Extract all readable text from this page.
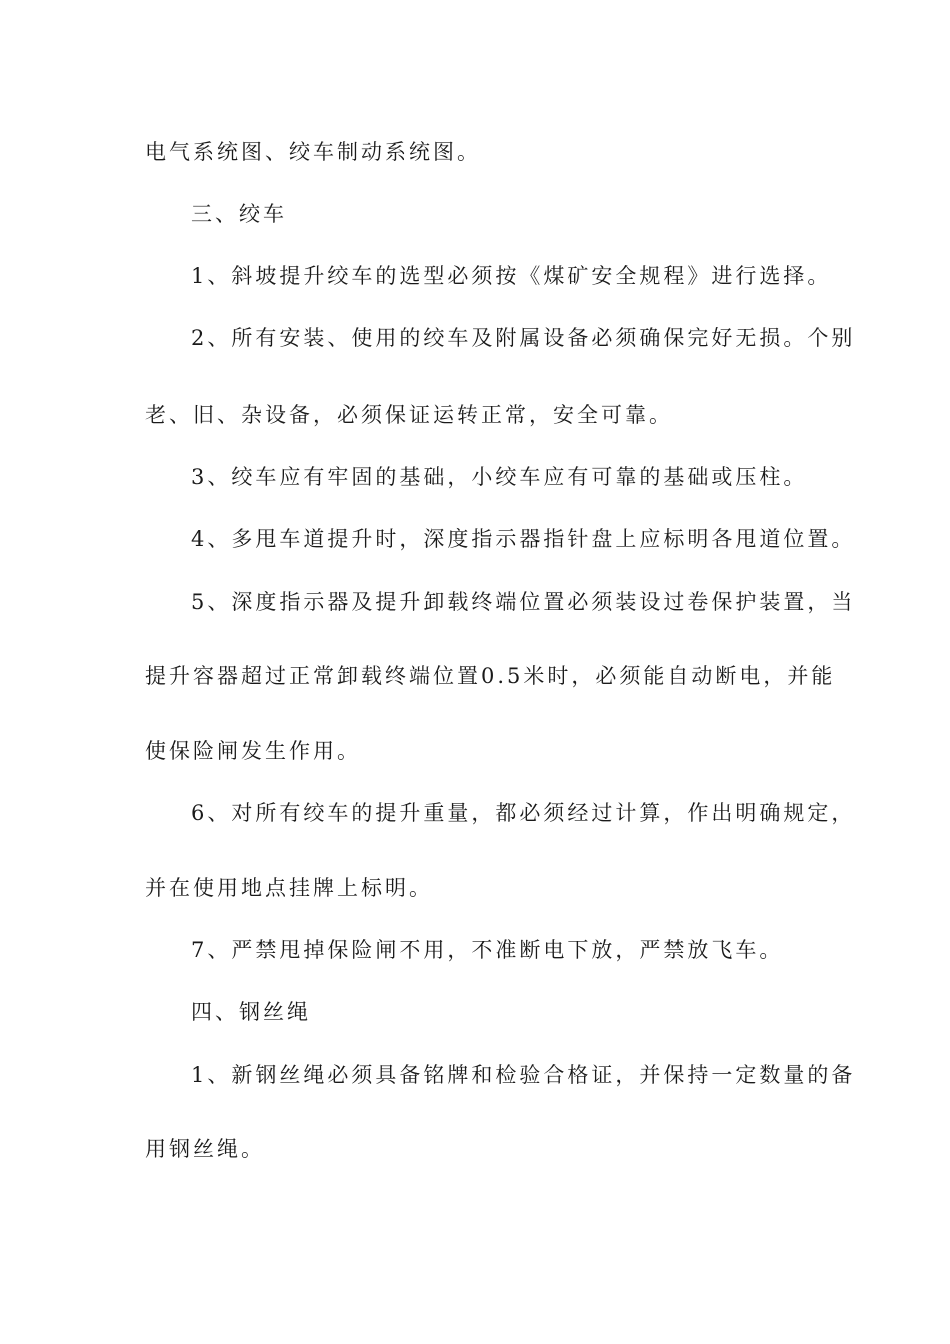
电气系统图、绞车制动系统图。
三、绞车
1、斜坡提升绞车的选型必须按《煤矿安全规程》进行选择。
2、所有安装、使用的绞车及附属设备必须确保完好无损。个别
老、旧、杂设备，必须保证运转正常，安全可靠。
3、绞车应有牢固的基础，小绞车应有可靠的基础或压柱。
4、多甩车道提升时，深度指示器指针盘上应标明各甩道位置。
5、深度指示器及提升卸载终端位置必须装设过卷保护装置，当
提升容器超过正常卸载终端位置0.5米时，必须能自动断电，并能
使保险闸发生作用。
6、对所有绞车的提升重量，都必须经过计算，作出明确规定，
并在使用地点挂牌上标明。
7、严禁甩掉保险闸不用，不准断电下放，严禁放飞车。
四、钢丝绳
1、新钢丝绳必须具备铭牌和检验合格证，并保持一定数量的备
用钢丝绳。
